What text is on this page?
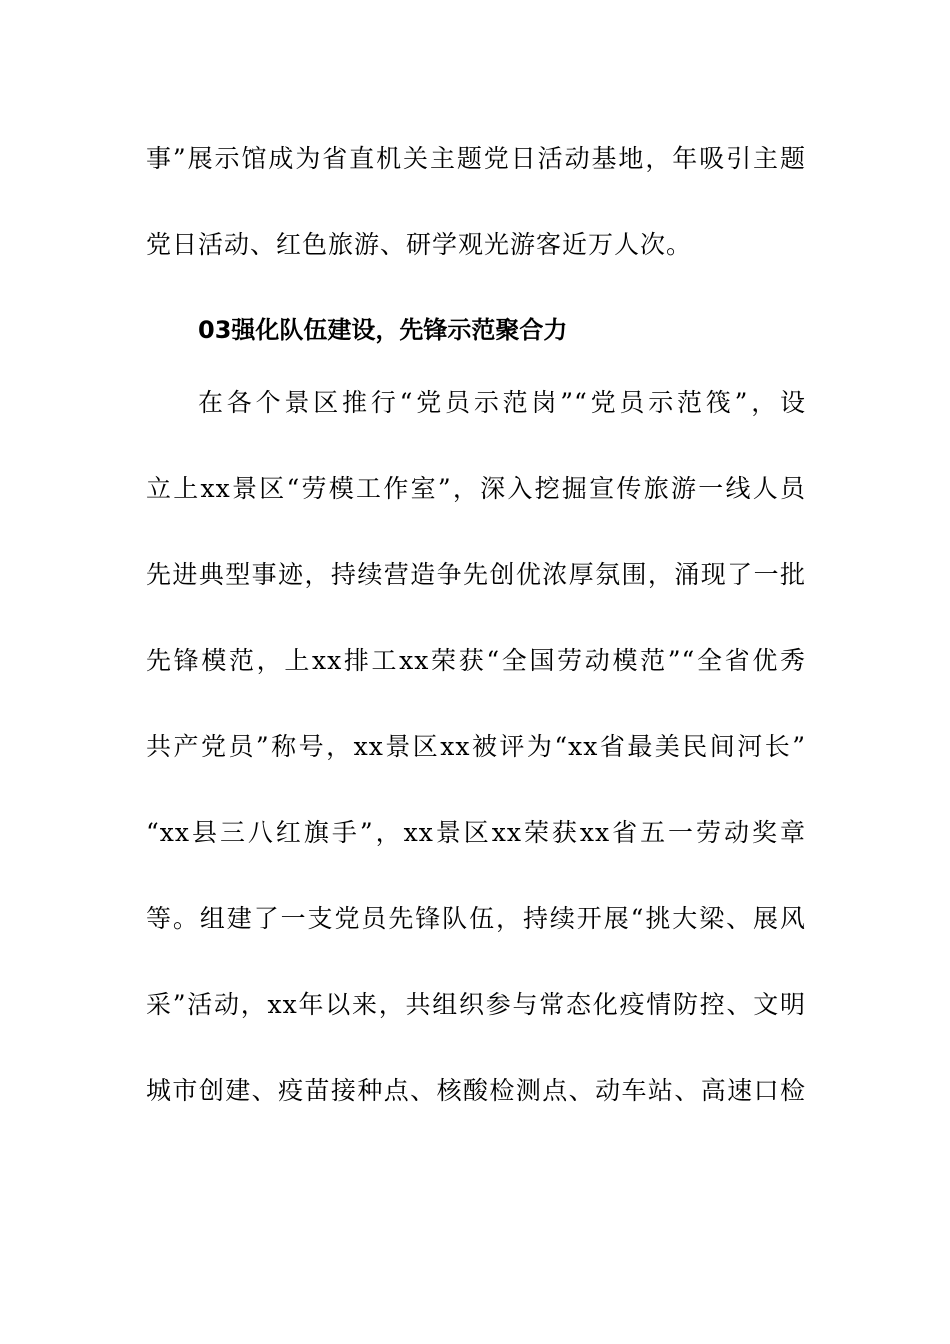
事”展示馆成为省直机关主题党日活动基地，年吸引主题
党日活动、红色旅游、研学观光游客近万人次。
03强化队伍建设，先锋示范聚合力
在各个景区推行“党员示范岗”“党员示范筏”，设
立上xx景区“劳模工作室”，深入挖掘宣传旅游一线人员
先进典型事迹，持续营造争先创优浓厚氛围，涌现了一批
先锋模范，上xx排工xx荣获“全国劳动模范”“全省优秀
共产党员”称号，xx景区xx被评为“xx省最美民间河长”
“xx县三八红旗手”，xx景区xx荣获xx省五一劳动奖章
等。组建了一支党员先锋队伍，持续开展“挑大梁、展风
采”活动，xx年以来，共组织参与常态化疫情防控、文明
城市创建、疫苗接种点、核酸检测点、动车站、高速口检
